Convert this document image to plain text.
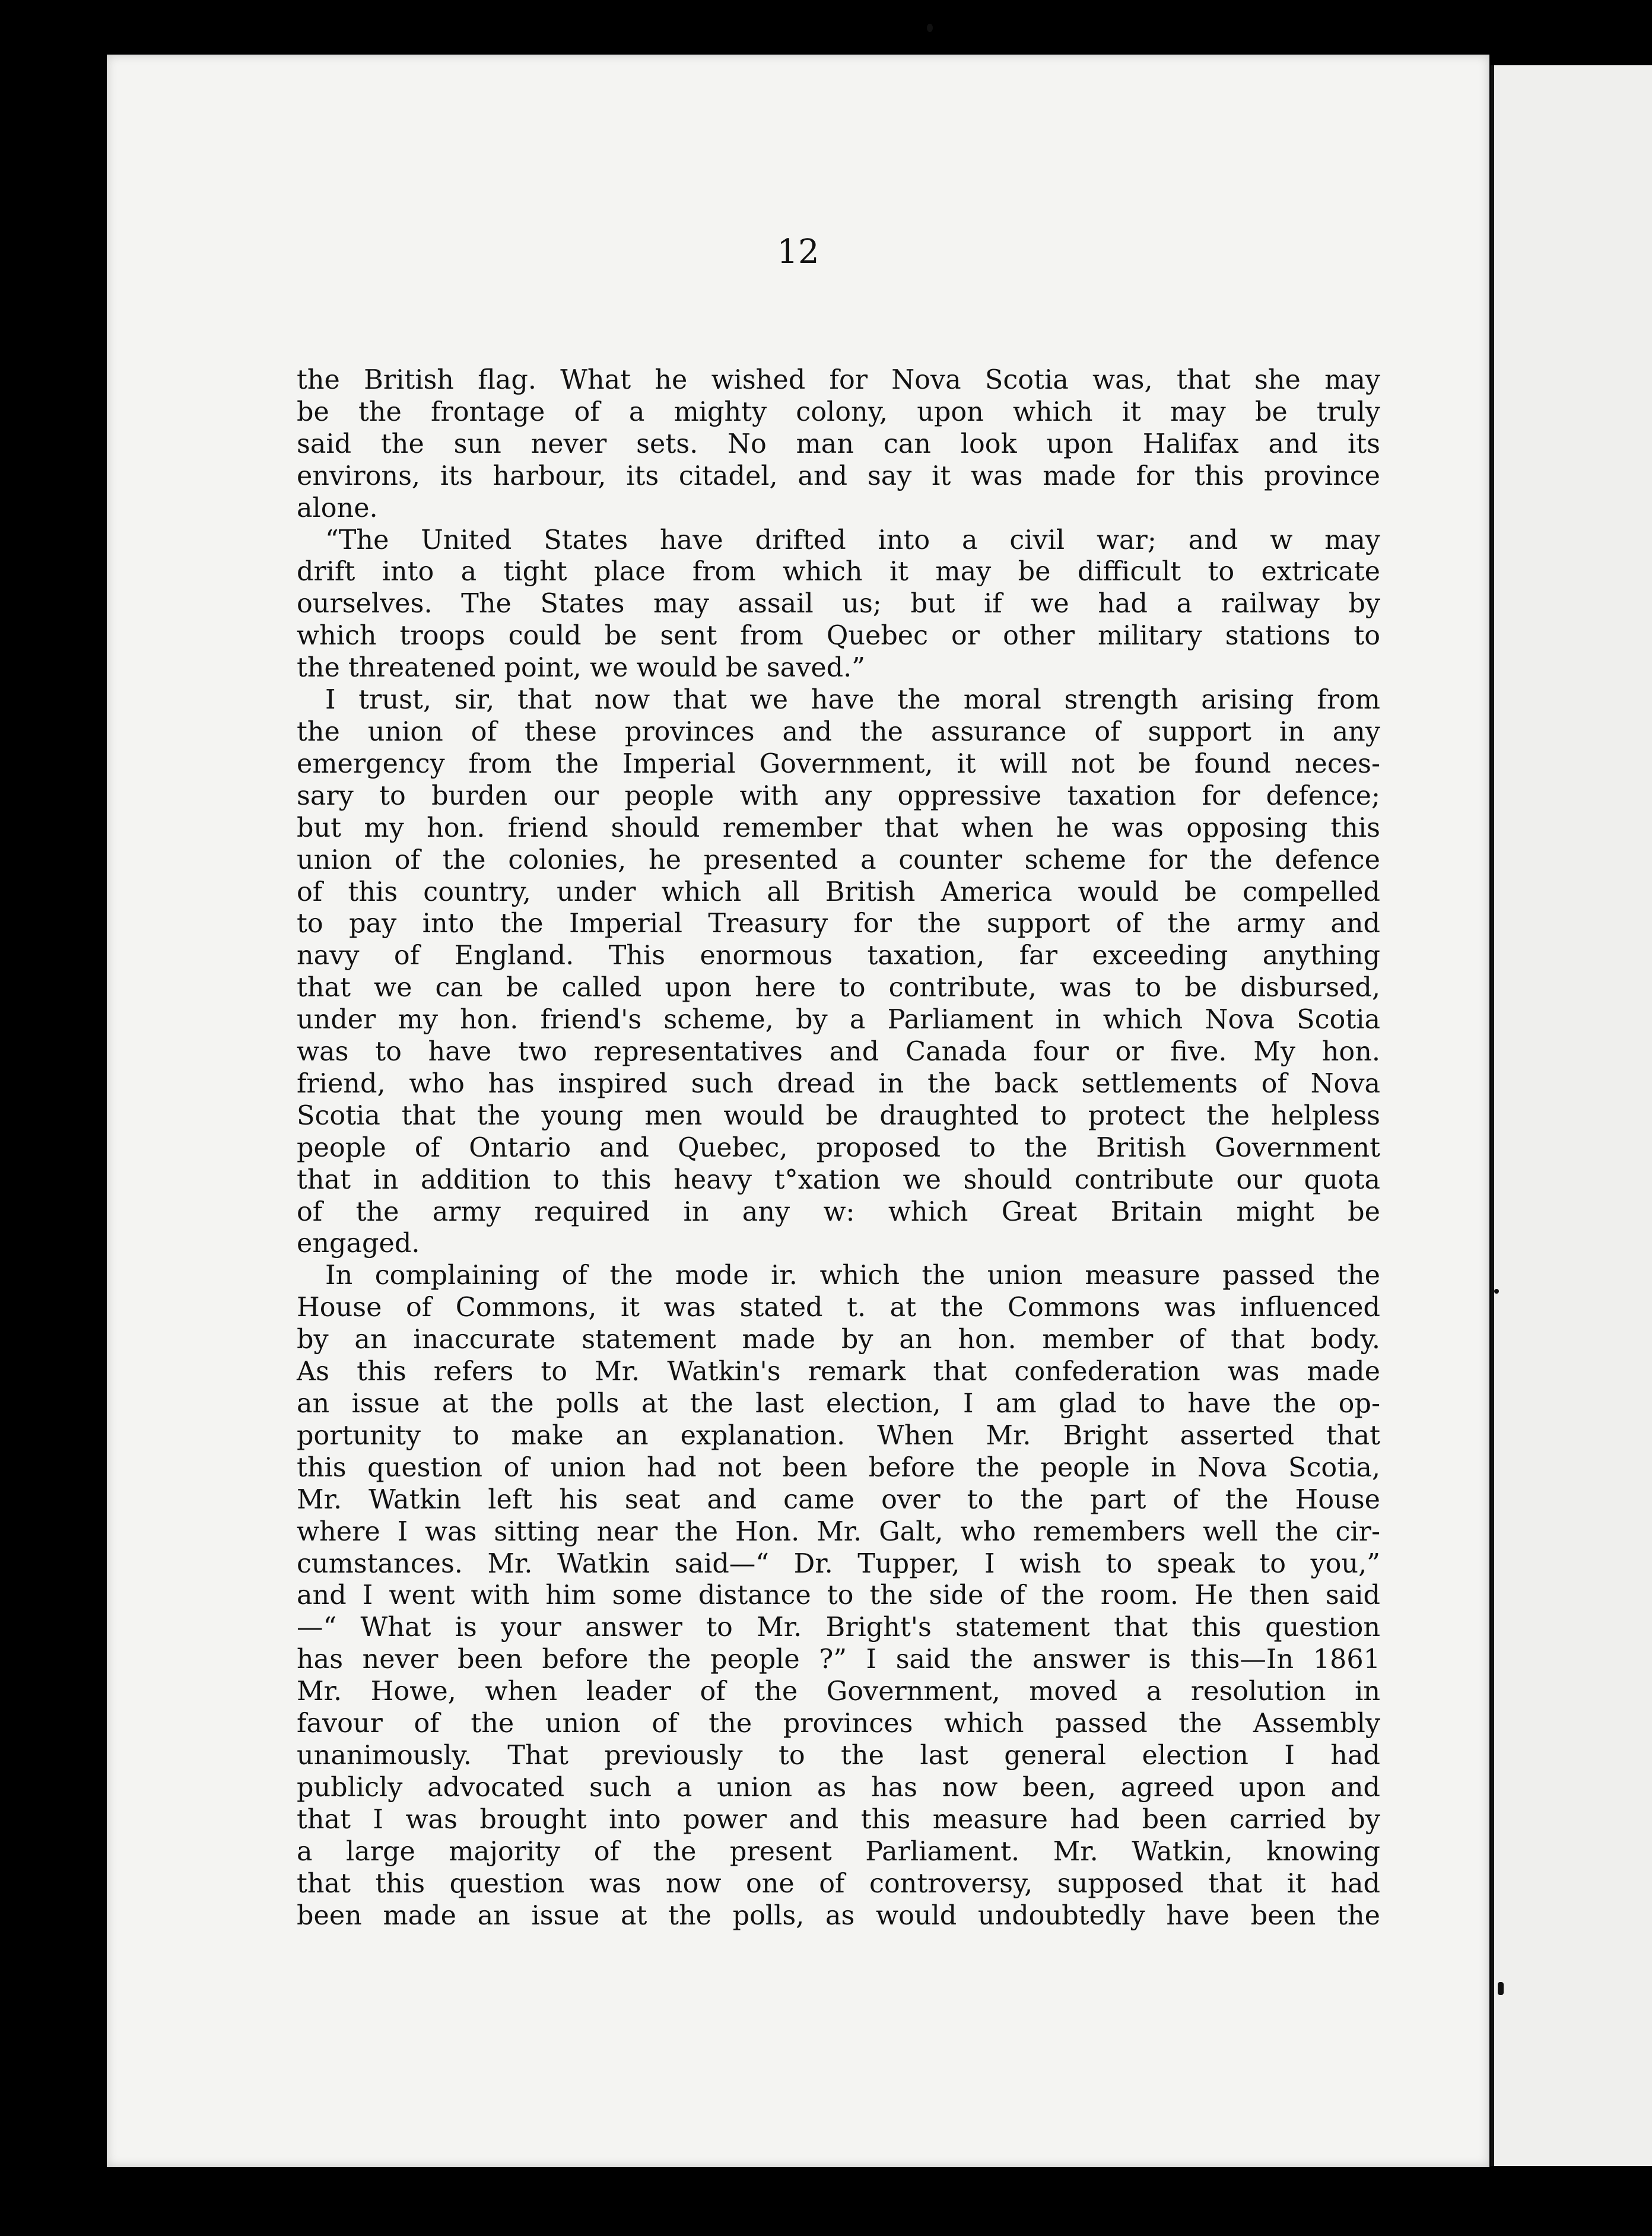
12
the British flag. What he wished for Nova Scotia was, that she may
be the frontage of a mighty colony, upon which it may be truly
said the sun never sets. No man can look upon Halifax and its
environs, its harbour, its citadel, and say it was made for this province
alone.
“The United States have drifted into a civil war; and w may
drift into a tight place from which it may be difficult to extricate
ourselves. The States may assail us; but if we had a railway by
which troops could be sent from Quebec or other military stations to
the threatened point, we would be saved.”
I trust, sir, that now that we have the moral strength arising from
the union of these provinces and the assurance of support in any
emergency from the Imperial Government, it will not be found neces-
sary to burden our people with any oppressive taxation for defence;
but my hon. friend should remember that when he was opposing this
union of the colonies, he presented a counter scheme for the defence
of this country, under which all British America would be compelled
to pay into the Imperial Treasury for the support of the army and
navy of England. This enormous taxation, far exceeding anything
that we can be called upon here to contribute, was to be disbursed,
under my hon. friend's scheme, by a Parliament in which Nova Scotia
was to have two representatives and Canada four or five. My hon.
friend, who has inspired such dread in the back settlements of Nova
Scotia that the young men would be draughted to protect the helpless
people of Ontario and Quebec, proposed to the British Government
that in addition to this heavy t°xation we should contribute our quota
of the army required in any w: which Great Britain might be
engaged.
In complaining of the mode ir. which the union measure passed the
House of Commons, it was stated t. at the Commons was influenced
by an inaccurate statement made by an hon. member of that body.
As this refers to Mr. Watkin's remark that confederation was made
an issue at the polls at the last election, I am glad to have the op-
portunity to make an explanation. When Mr. Bright asserted that
this question of union had not been before the people in Nova Scotia,
Mr. Watkin left his seat and came over to the part of the House
where I was sitting near the Hon. Mr. Galt, who remembers well the cir-
cumstances. Mr. Watkin said—“ Dr. Tupper, I wish to speak to you,”
and I went with him some distance to the side of the room. He then said
—“ What is your answer to Mr. Bright's statement that this question
has never been before the people ?” I said the answer is this—In 1861
Mr. Howe, when leader of the Government, moved a resolution in
favour of the union of the provinces which passed the Assembly
unanimously. That previously to the last general election I had
publicly advocated such a union as has now been, agreed upon and
that I was brought into power and this measure had been carried by
a large majority of the present Parliament. Mr. Watkin, knowing
that this question was now one of controversy, supposed that it had
been made an issue at the polls, as would undoubtedly have been the
